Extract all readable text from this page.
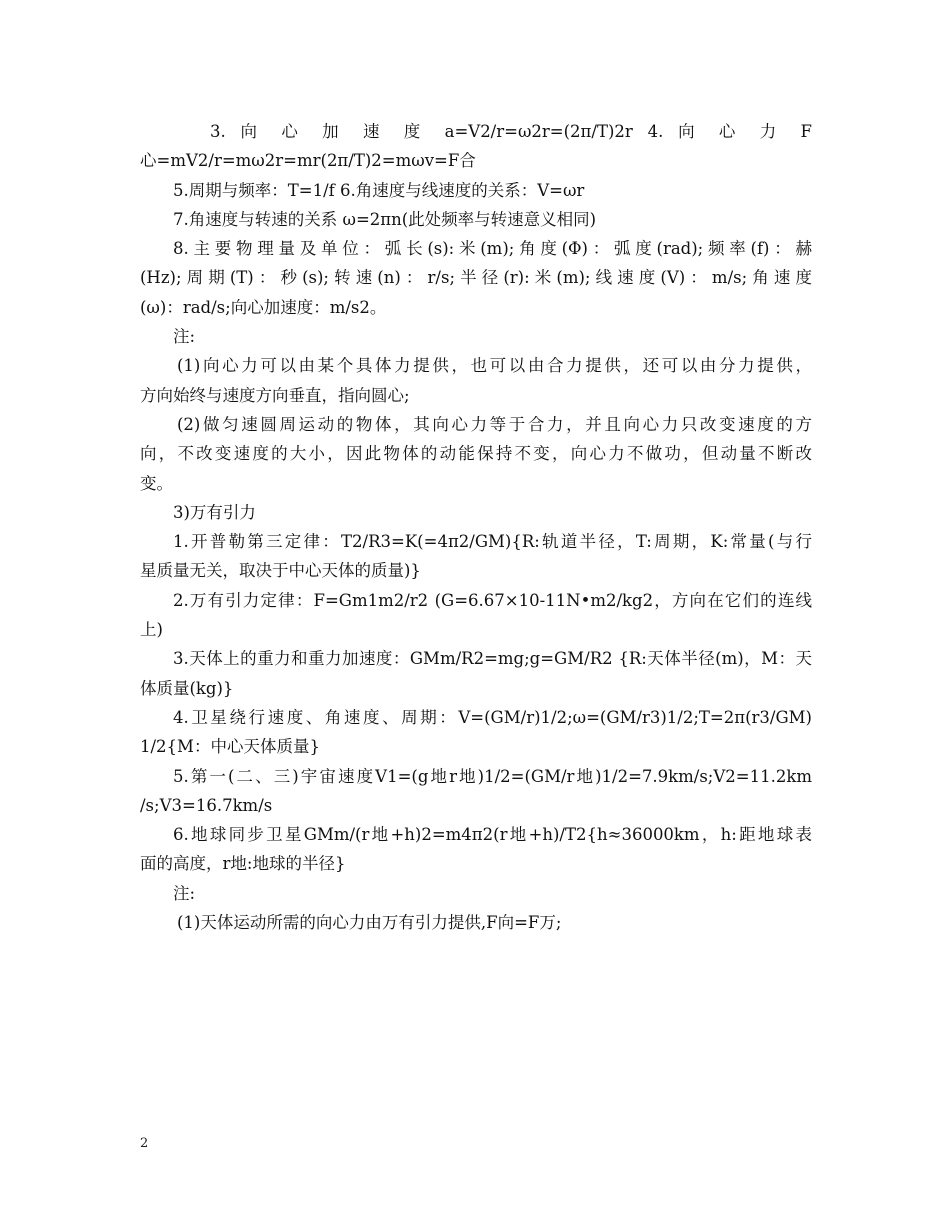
3. 向 心 加 速 度 a=V2/r=ω2r=(2π/T)2r 4. 向 心 力 F
心=mV2/r=mω2r=mr(2π/T)2=mωv=F合
5.周期与频率：T=1/f 6.角速度与线速度的关系：V=ωr
7.角速度与转速的关系 ω=2πn(此处频率与转速意义相同)
8.主要物理量及单位：弧长(s):米(m);角度(Φ)：弧度(rad);频率(f)：赫
(Hz);周期(T)：秒(s);转速(n)：r/s;半径(r):米(m);线速度(V)：m/s;角速度
(ω)：rad/s;向心加速度：m/s2。
注:
(1)向心力可以由某个具体力提供，也可以由合力提供，还可以由分力提供，
方向始终与速度方向垂直，指向圆心;
(2)做匀速圆周运动的物体，其向心力等于合力，并且向心力只改变速度的方
向，不改变速度的大小，因此物体的动能保持不变，向心力不做功，但动量不断改
变。
3)万有引力
1.开普勒第三定律：T2/R3=K(=4π2/GM){R:轨道半径，T:周期，K:常量(与行
星质量无关，取决于中心天体的质量)}
2.万有引力定律：F=Gm1m2/r2 (G=6.67×10-11N•m2/kg2，方向在它们的连线
上)
3.天体上的重力和重力加速度：GMm/R2=mg;g=GM/R2 {R:天体半径(m)，M：天
体质量(kg)}
4.卫星绕行速度、角速度、周期：V=(GM/r)1/2;ω=(GM/r3)1/2;T=2π(r3/GM)
1/2{M：中心天体质量}
5.第一(二、三)宇宙速度V1=(g地r地)1/2=(GM/r地)1/2=7.9km/s;V2=11.2km
/s;V3=16.7km/s
6.地球同步卫星GMm/(r地+h)2=m4π2(r地+h)/T2{h≈36000km，h:距地球表
面的高度，r地:地球的半径}
注:
(1)天体运动所需的向心力由万有引力提供,F向=F万;
2
